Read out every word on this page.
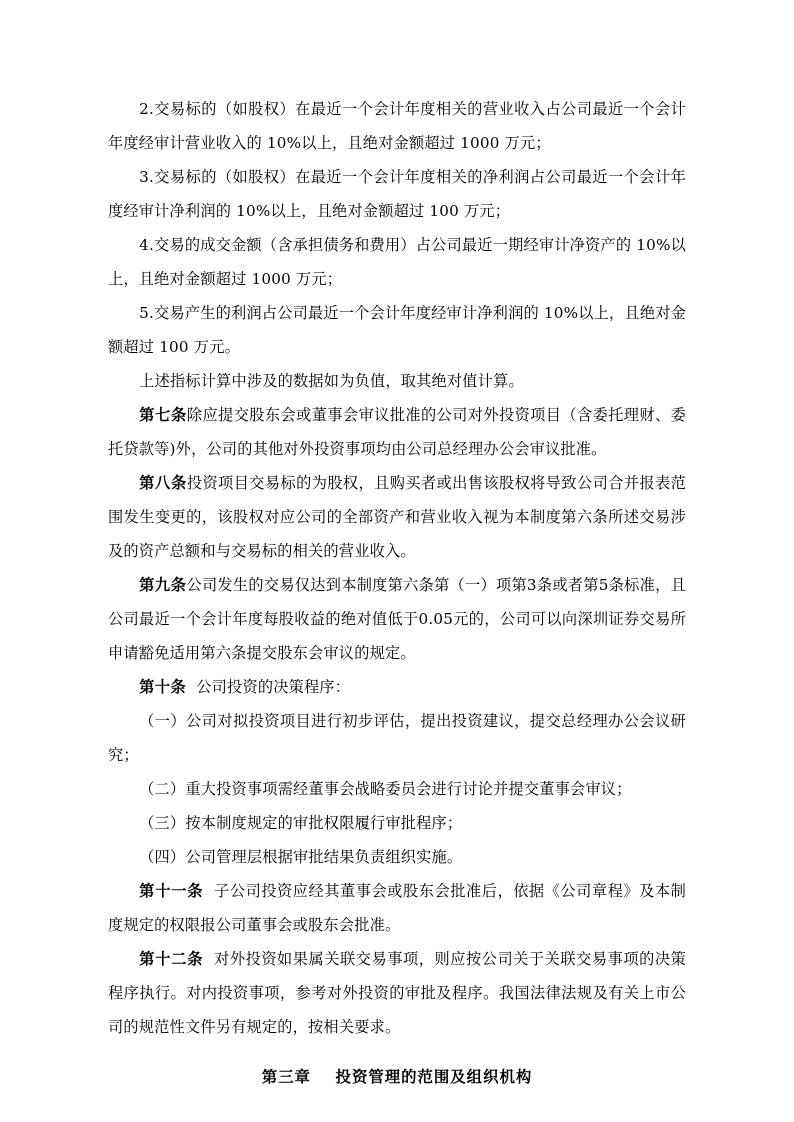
2.交易标的（如股权）在最近一个会计年度相关的营业收入占公司最近一个会计年度经审计营业收入的 10%以上，且绝对金额超过 1000 万元；

3.交易标的（如股权）在最近一个会计年度相关的净利润占公司最近一个会计年度经审计净利润的 10%以上，且绝对金额超过 100 万元；

4.交易的成交金额（含承担债务和费用）占公司最近一期经审计净资产的 10%以上，且绝对金额超过 1000 万元；

5.交易产生的利润占公司最近一个会计年度经审计净利润的 10%以上，且绝对金额超过 100 万元。

上述指标计算中涉及的数据如为负值，取其绝对值计算。

第七条除应提交股东会或董事会审议批准的公司对外投资项目（含委托理财、委托贷款等)外，公司的其他对外投资事项均由公司总经理办公会审议批准。

第八条投资项目交易标的为股权，且购买者或出售该股权将导致公司合并报表范围发生变更的，该股权对应公司的全部资产和营业收入视为本制度第六条所述交易涉及的资产总额和与交易标的相关的营业收入。

第九条公司发生的交易仅达到本制度第六条第（一）项第3条或者第5条标准，且公司最近一个会计年度每股收益的绝对值低于0.05元的，公司可以向深圳证券交易所申请豁免适用第六条提交股东会审议的规定。

第十条 公司投资的决策程序：

（一）公司对拟投资项目进行初步评估，提出投资建议，提交总经理办公会议研究；

（二）重大投资事项需经董事会战略委员会进行讨论并提交董事会审议；

（三）按本制度规定的审批权限履行审批程序；

（四）公司管理层根据审批结果负责组织实施。

第十一条 子公司投资应经其董事会或股东会批准后，依据《公司章程》及本制度规定的权限报公司董事会或股东会批准。

第十二条 对外投资如果属关联交易事项，则应按公司关于关联交易事项的决策程序执行。对内投资事项，参考对外投资的审批及程序。我国法律法规及有关上市公司的规范性文件另有规定的，按相关要求。

第三章 投资管理的范围及组织机构
